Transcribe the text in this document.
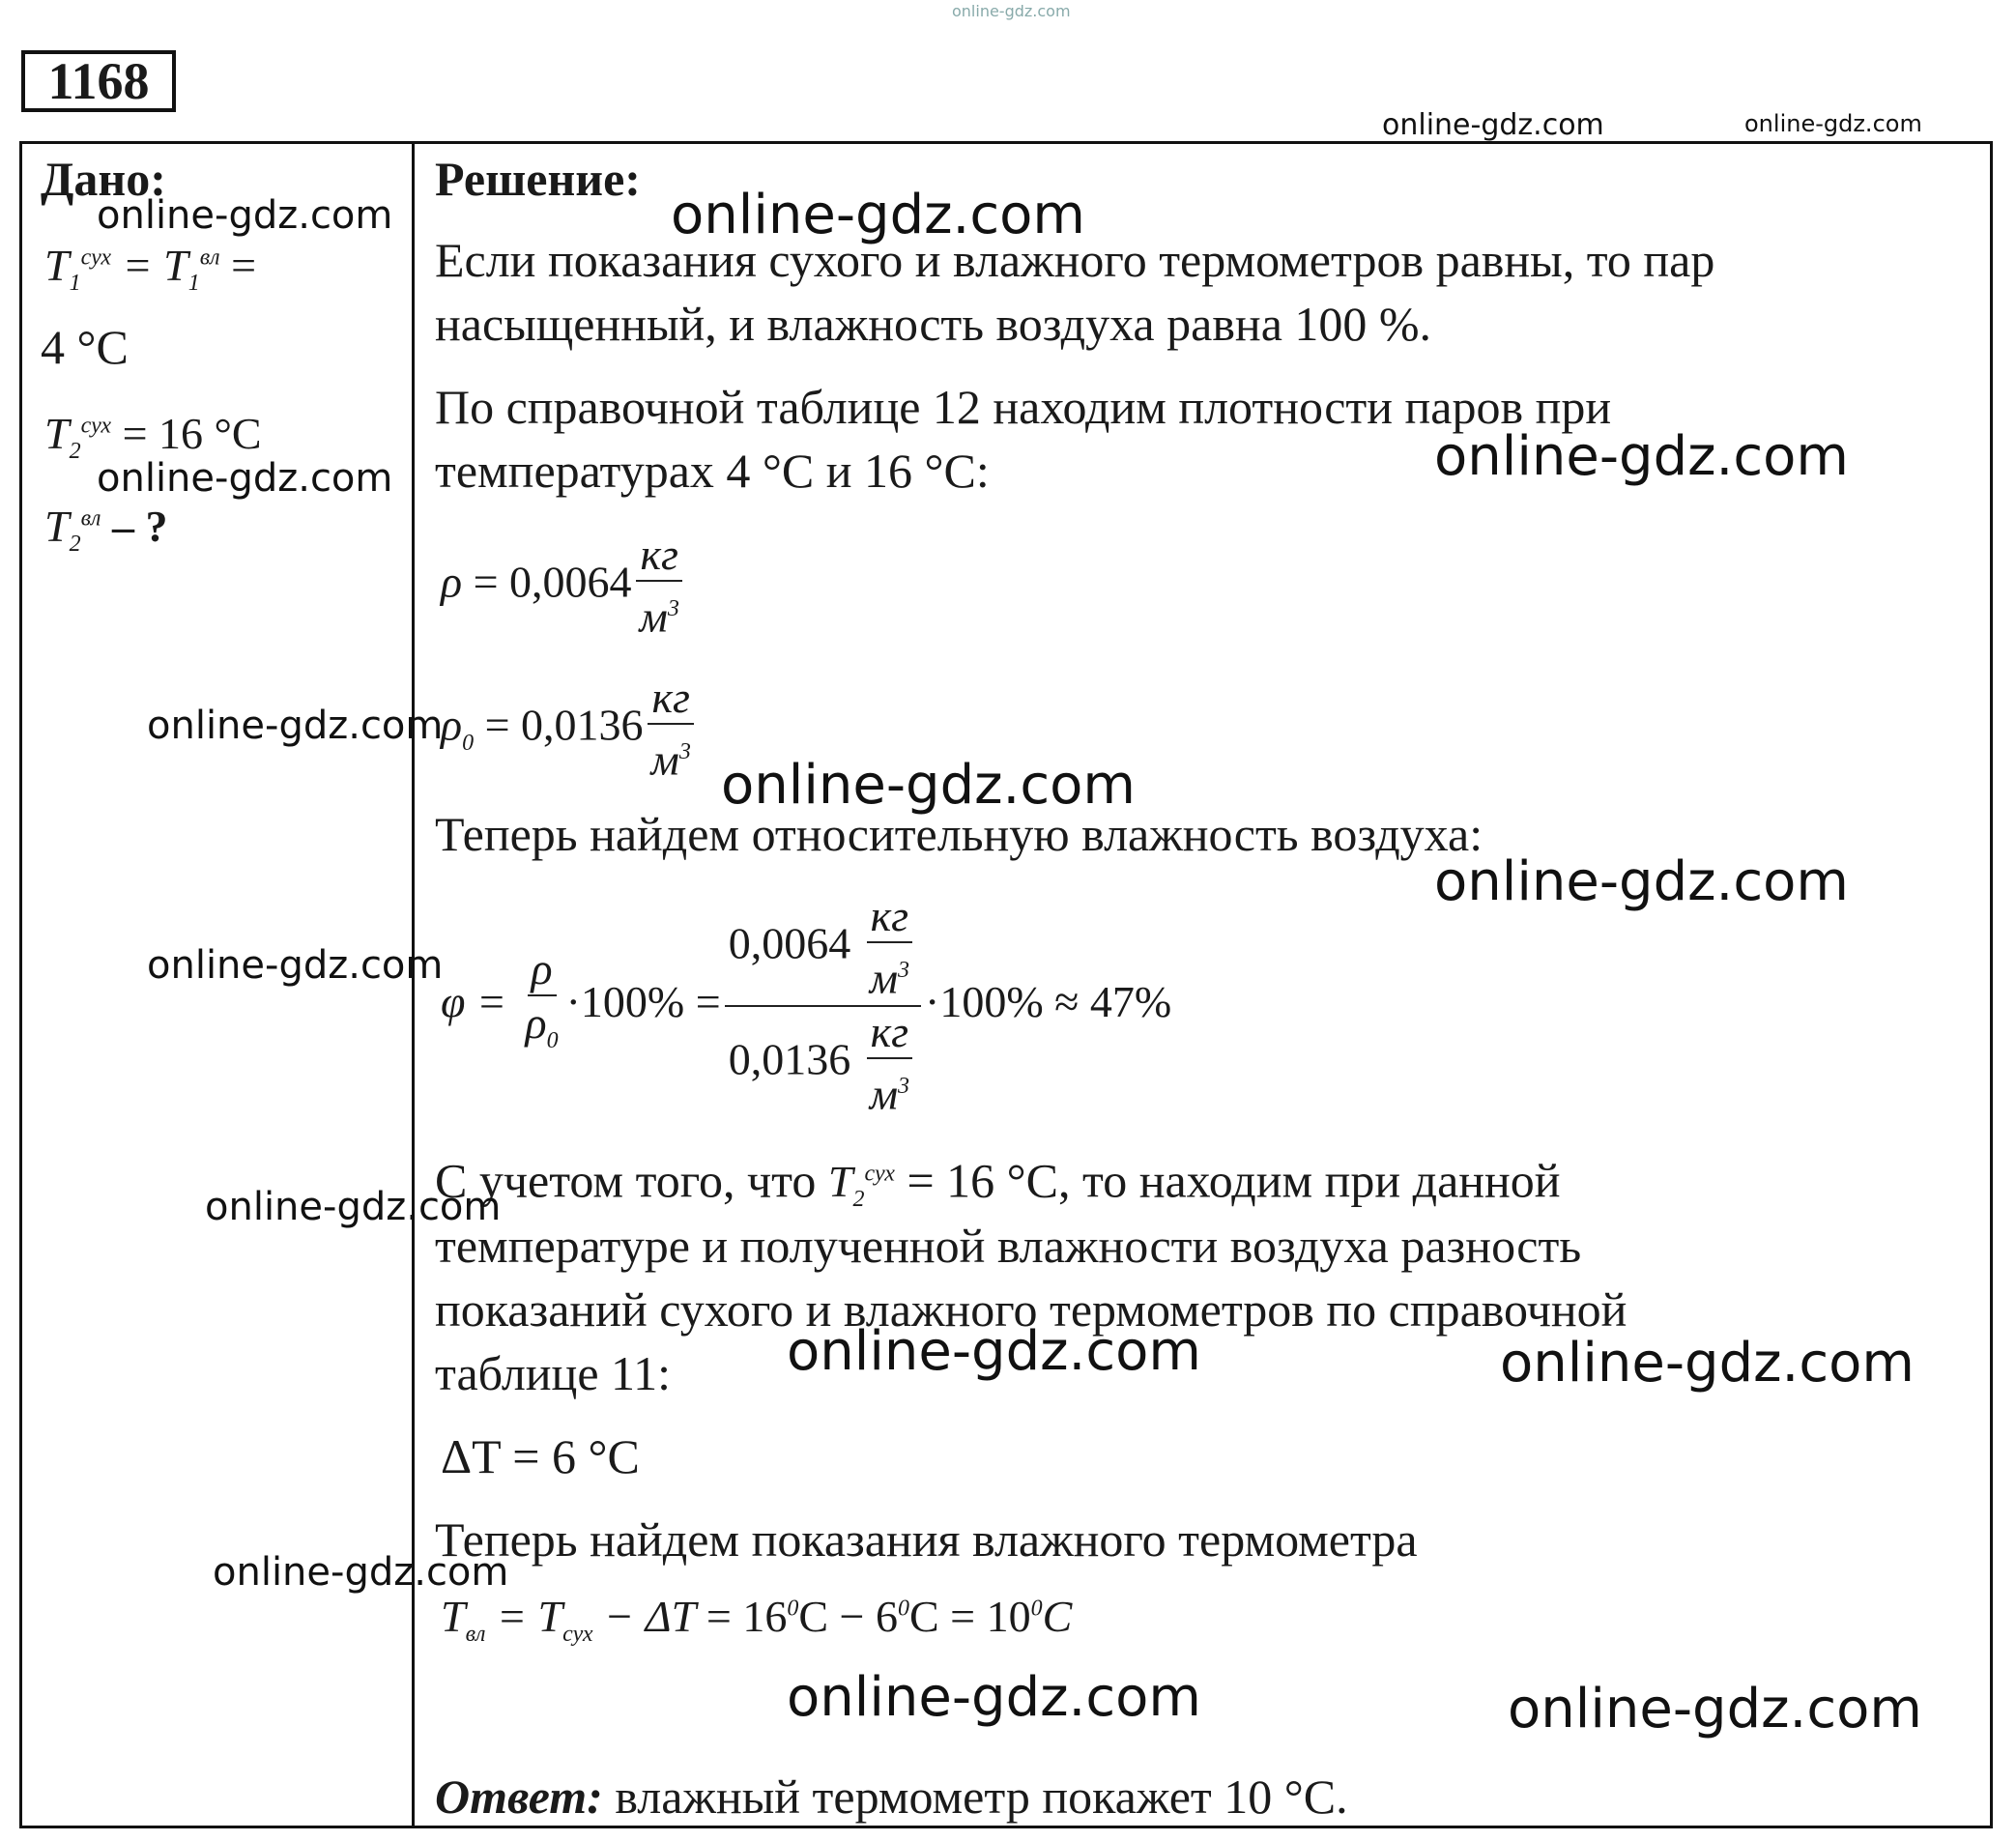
online-gdz.com
1168
online-gdz.com	online-gdz.com
Дано:
$T_1^{сух} = T_1^{вл}$ =
4 °C
$T_2^{сух} = 16$ °C
$T_2^{вл}$ – ?
Решение:
Если показания сухого и влажного термометров равны, то пар
насыщенный, и влажность воздуха равна 100 %.
По справочной таблице 12 находим плотности паров при
температурах 4 °C и 16 °C:
$\rho = 0,0064 \frac{кг}{м^3}$
$\rho_0 = 0,0136 \frac{кг}{м^3}$
Теперь найдем относительную влажность воздуха:
$\varphi = \frac{\rho}{\rho_0} \cdot 100\% = \frac{0,0064 \frac{кг}{м^3}}{0,0136 \frac{кг}{м^3}} \cdot 100\% \approx 47\%$
С учетом того, что $T_2^{сух} = 16$ °C, то находим при данной
температуре и полученной влажности воздуха разность
показаний сухого и влажного термометров по справочной
таблице 11:
ΔT = 6 °C
Теперь найдем показания влажного термометра
$T_{вл} = T_{сух} - \Delta T = 16^0C - 6^0C = 10^0C$
Ответ: влажный термометр покажет 10 °C.
online-gdz.com	online-gdz.com
online-gdz.com	online-gdz.com
online-gdz.com
online-gdz.com
online-gdz.com
online-gdz.com
online-gdz.com
online-gdz.com	online-gdz.com
online-gdz.com
online-gdz.com	online-gdz.com
